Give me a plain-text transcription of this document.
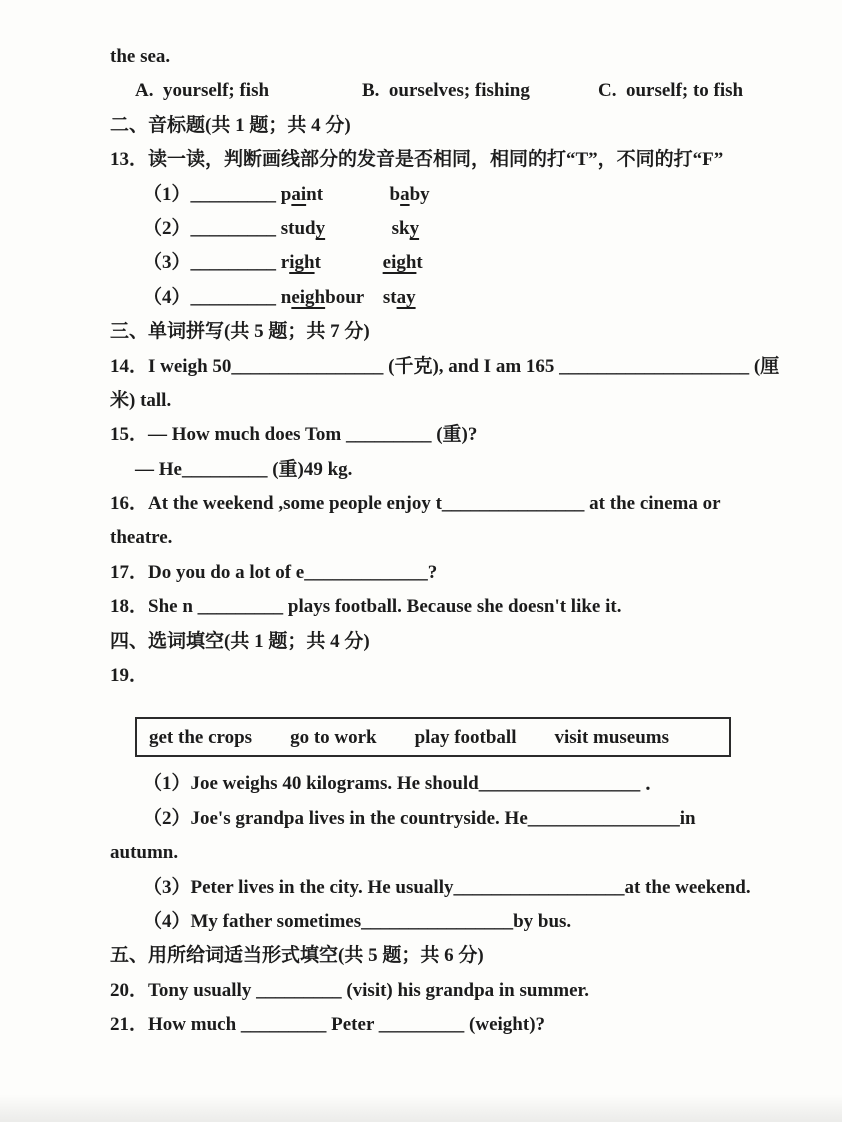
the sea.
A.  yourself; fish	B.  ourselves; fishing	C.  ourself; to fish
二、音标题(共 1 题；共 4 分)
13．读一读，判断画线部分的发音是否相同，相同的打“T”，不同的打“F”
（1）_________ paint	baby
（2）_________ study	sky
（3）_________ right	eight
（4）_________ neighbour stay
三、单词拼写(共 5 题；共 7 分)
14．I weigh 50________________ (千克), and I am 165 ____________________ (厘
米) tall.
15．— How much does Tom _________ (重)?
— He_________ (重)49 kg.
16．At the weekend ,some people enjoy t_______________ at the cinema or
theatre.
17．Do you do a lot of e_____________?
18．She n _________ plays football. Because she doesn't like it.
四、选词填空(共 1 题；共 4 分)
19．
get the crops        go to work        play football        visit museums
（1）Joe weighs 40 kilograms. He should_________________ ．
（2）Joe's grandpa lives in the countryside. He________________in
autumn.
（3）Peter lives in the city. He usually__________________at the weekend.
（4）My father sometimes________________by bus.
五、用所给词适当形式填空(共 5 题；共 6 分)
20．Tony usually _________ (visit) his grandpa in summer.
21．How much _________ Peter _________ (weight)?
